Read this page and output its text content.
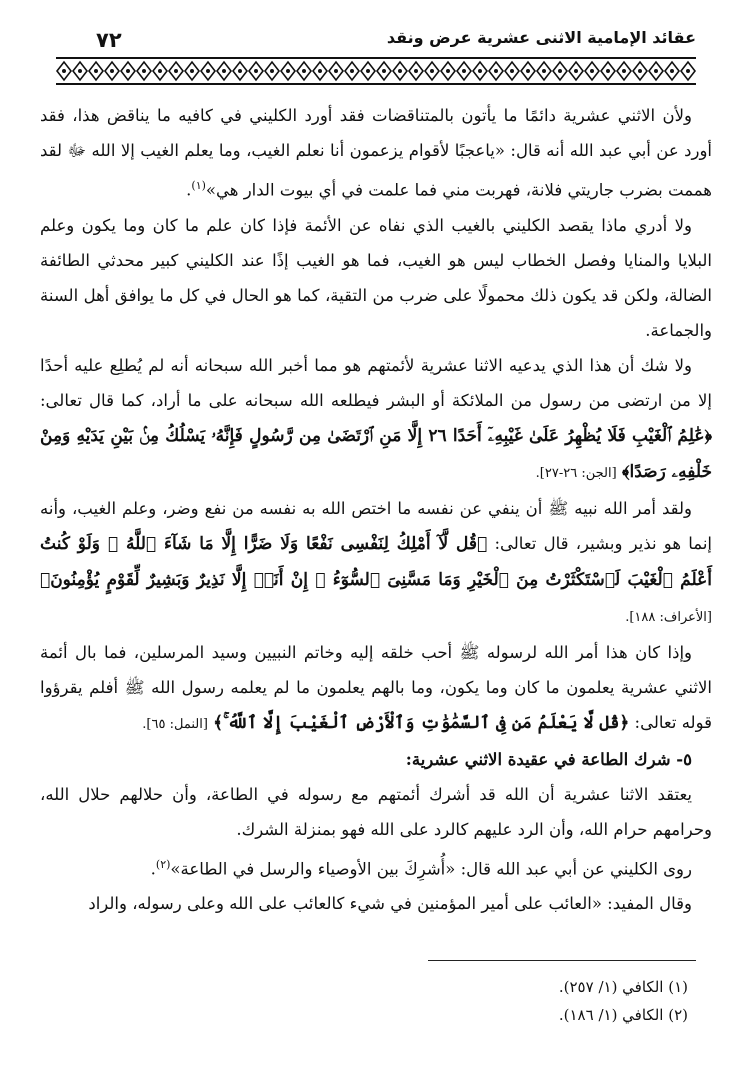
٧٢	عقائد الإمامية الاثنى عشرية عرض ونقد

ولأن الاثني عشرية دائمًا ما يأتون بالمتناقضات فقد أورد الكليني في كافيه ما يناقض هذا، فقد أورد عن أبي عبد الله أنه قال: «ياعجبًا لأقوام يزعمون أنا نعلم الغيب، وما يعلم الغيب إلا الله ﷻ لقد هممت بضرب جاريتي فلانة، فهربت مني فما علمت في أي بيوت الدار هي»$^{(١)}$.

ولا أدري ماذا يقصد الكليني بالغيب الذي نفاه عن الأئمة فإذا كان علم ما كان وما يكون وعلم البلايا والمنايا وفصل الخطاب ليس هو الغيب، فما هو الغيب إذًا عند الكليني كبير محدثي الطائفة الضالة، ولكن قد يكون ذلك محمولًا على ضرب من التقية، كما هو الحال في كل ما يوافق أهل السنة والجماعة.

ولا شك أن هذا الذي يدعيه الاثنا عشرية لأئمتهم هو مما أخبر الله سبحانه أنه لم يُطلِع عليه أحدًا إلا من ارتضى من رسول من الملائكة أو البشر فيطلعه الله سبحانه على ما أراد، كما قال تعالى: ﴿عَٰلِمُ ٱلْغَيْبِ فَلَا يُظْهِرُ عَلَىٰ غَيْبِهِۦٓ أَحَدًا ٢٦ إِلَّا مَنِ ٱرْتَضَىٰ مِن رَّسُولٍ فَإِنَّهُۥ يَسْلُكُ مِنۢ بَيْنِ يَدَيْهِ وَمِنْ خَلْفِهِۦ رَصَدًا﴾ [الجن: ٢٦-٢٧].

ولقد أمر الله نبيه ﷺ أن ينفي عن نفسه ما اختص الله به نفسه من نفع وضر، وعلم الغيب، وأنه إنما هو نذير وبشير، قال تعالى: ﴿قُل لَّآ أَمْلِكُ لِنَفْسِى نَفْعًا وَلَا ضَرًّا إِلَّا مَا شَآءَ ٱللَّهُ ۚ وَلَوْ كُنتُ أَعْلَمُ ٱلْغَيْبَ لَٱسْتَكْثَرْتُ مِنَ ٱلْخَيْرِ وَمَا مَسَّنِىَ ٱلسُّوٓءُ ۚ إِنْ أَنَا۠ إِلَّا نَذِيرٌ وَبَشِيرٌ لِّقَوْمٍ يُؤْمِنُونَ﴾ [الأعراف: ١٨٨].

وإذا كان هذا أمر الله لرسوله ﷺ أحب خلقه إليه وخاتم النبيين وسيد المرسلين، فما بال أئمة الاثني عشرية يعلمون ما كان وما يكون، وما بالهم يعلمون ما لم يعلمه رسول الله ﷺ أفلم يقرؤوا قوله تعالى: ﴿قُل لَّا يَعْلَمُ مَن فِى ٱلسَّمَٰوَٰتِ وَٱلْأَرْضِ ٱلْغَيْبَ إِلَّا ٱللَّهُ ۚ﴾ [النمل: ٦٥].

٥- شرك الطاعة في عقيدة الاثني عشرية:

يعتقد الاثنا عشرية أن الله قد أشرك أئمتهم مع رسوله في الطاعة، وأن حلالهم حلال الله، وحرامهم حرام الله، وأن الرد عليهم كالرد على الله فهو بمنزلة الشرك.

روى الكليني عن أبي عبد الله قال: «أُشرِكَ بين الأوصياء والرسل في الطاعة»$^{(٢)}$.

وقال المفيد: «العائب على أمير المؤمنين في شيء كالعائب على الله وعلى رسوله، والراد

(١) الكافي (١/ ٢٥٧).

(٢) الكافي (١/ ١٨٦).
